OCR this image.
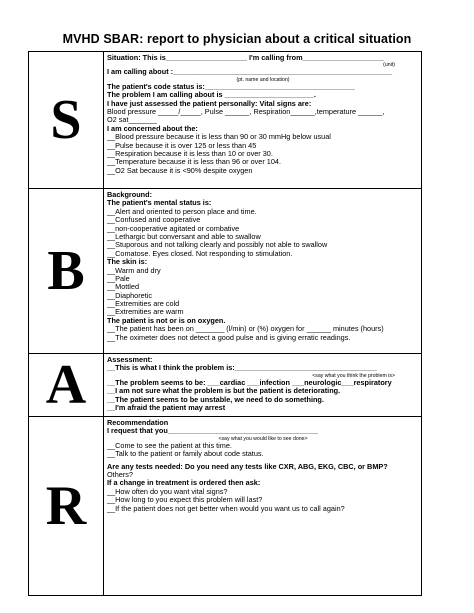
MVHD SBAR: report to physician about a critical situation
S
Situation: This is____________________ I'm calling from____________________
(unit)
I am calling about :______________________________________________________
(pt. name and location)
The patient's code status is:_____________________________________
The problem I am calling about is ______________________.
I have just assessed the patient personally: Vital signs are:
Blood pressure _____/_____, Pulse ______, Respiration______,temperature ______,
O2 sat_______
I am concerned about the:
__Blood pressure because it is less than 90 or 30 mmHg below usual
__Pulse because it is over 125 or less than 45
__Respiration because it is less than 10 or over 30.
__Temperature because it is less than 96 or over 104.
__O2 Sat because it is <90% despite oxygen
B
Background:
The patient's mental status is:
__Alert and oriented to person place and time.
__Confused and cooperative
__non-cooperative agitated or combative
__Lethargic but conversant and able to swallow
__Stuporous and not talking clearly and possibly not able to swallow
__Comatose. Eyes closed. Not responding to stimulation.
The skin is:
__Warm and dry
__Pale
__Mottled
__Diaphoretic
__Extremities are cold
__Extremities are warm
The patient is not or is on oxygen.
__The patient has been on _______ (l/min) or (%) oxygen for ______ minutes (hours)
__The oximeter does not detect a good pulse and is giving erratic readings.
A	Assessment:
__This is what I think the problem is:___________________________________
<say what you think the problem is>
__The problem seems to be: ___cardiac ___infection ___neurologic___respiratory
__I am not sure what the problem is but the patient is deteriorating.
__The patient seems to be unstable, we need to do something.
__I'm afraid the patient may arrest
R
Recommendation
I request that you_____________________________________
<say what you would like to see done>
__Come to see the patient at this time.
__Talk to the patient or family about code status.
Are any tests needed: Do you need any tests like CXR, ABG, EKG, CBC, or BMP?
Others?
If a change in treatment is ordered then ask:
__How often do you want vital signs?
__How long to you expect this problem will last?
__If the patient does not get better when would you want us to call again?
